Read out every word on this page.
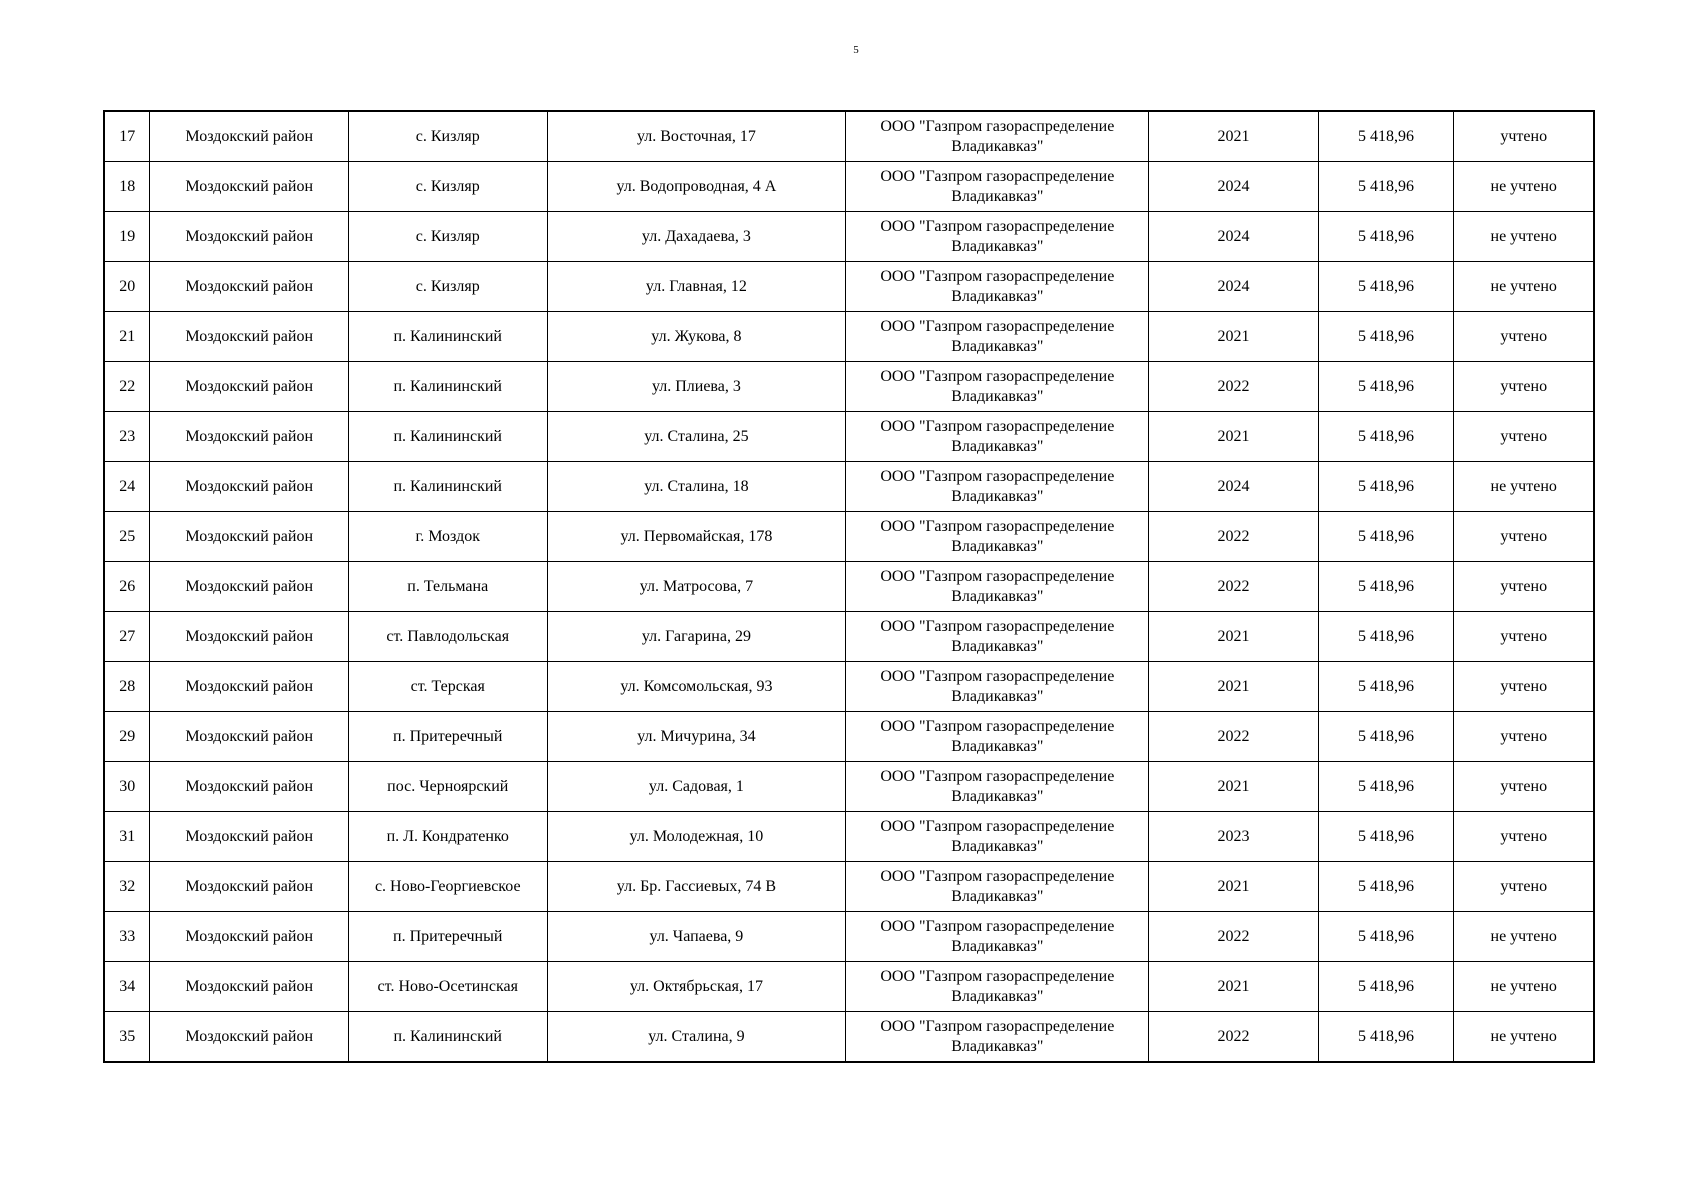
5
17	Моздокский район	с. Кизляр	ул. Восточная, 17	ООО "Газпром газораспределение
Владикавказ"	2021	5 418,96	учтено
18	Моздокский район	с. Кизляр	ул. Водопроводная, 4 А	ООО "Газпром газораспределение
Владикавказ"	2024	5 418,96	не учтено
19	Моздокский район	с. Кизляр	ул. Дахадаева, 3	ООО "Газпром газораспределение
Владикавказ"	2024	5 418,96	не учтено
20	Моздокский район	с. Кизляр	ул. Главная, 12	ООО "Газпром газораспределение
Владикавказ"	2024	5 418,96	не учтено
21	Моздокский район	п. Калининский	ул. Жукова, 8	ООО "Газпром газораспределение
Владикавказ"	2021	5 418,96	учтено
22	Моздокский район	п. Калининский	ул. Плиева, 3	ООО "Газпром газораспределение
Владикавказ"	2022	5 418,96	учтено
23	Моздокский район	п. Калининский	ул. Сталина, 25	ООО "Газпром газораспределение
Владикавказ"	2021	5 418,96	учтено
24	Моздокский район	п. Калининский	ул. Сталина, 18	ООО "Газпром газораспределение
Владикавказ"	2024	5 418,96	не учтено
25	Моздокский район	г. Моздок	ул. Первомайская, 178	ООО "Газпром газораспределение
Владикавказ"	2022	5 418,96	учтено
26	Моздокский район	п. Тельмана	ул. Матросова, 7	ООО "Газпром газораспределение
Владикавказ"	2022	5 418,96	учтено
27	Моздокский район	ст. Павлодольская	ул. Гагарина, 29	ООО "Газпром газораспределение
Владикавказ"	2021	5 418,96	учтено
28	Моздокский район	ст. Терская	ул. Комсомольская, 93	ООО "Газпром газораспределение
Владикавказ"	2021	5 418,96	учтено
29	Моздокский район	п. Притеречный	ул. Мичурина, 34	ООО "Газпром газораспределение
Владикавказ"	2022	5 418,96	учтено
30	Моздокский район	пос. Черноярский	ул. Садовая, 1	ООО "Газпром газораспределение
Владикавказ"	2021	5 418,96	учтено
31	Моздокский район	п. Л. Кондратенко	ул. Молодежная, 10	ООО "Газпром газораспределение
Владикавказ"	2023	5 418,96	учтено
32	Моздокский район	с. Ново-Георгиевское	ул. Бр. Гассиевых, 74 В	ООО "Газпром газораспределение
Владикавказ"	2021	5 418,96	учтено
33	Моздокский район	п. Притеречный	ул. Чапаева, 9	ООО "Газпром газораспределение
Владикавказ"	2022	5 418,96	не учтено
34	Моздокский район	ст. Ново-Осетинская	ул. Октябрьская, 17	ООО "Газпром газораспределение
Владикавказ"	2021	5 418,96	не учтено
35	Моздокский район	п. Калининский	ул. Сталина, 9	ООО "Газпром газораспределение
Владикавказ"	2022	5 418,96	не учтено
